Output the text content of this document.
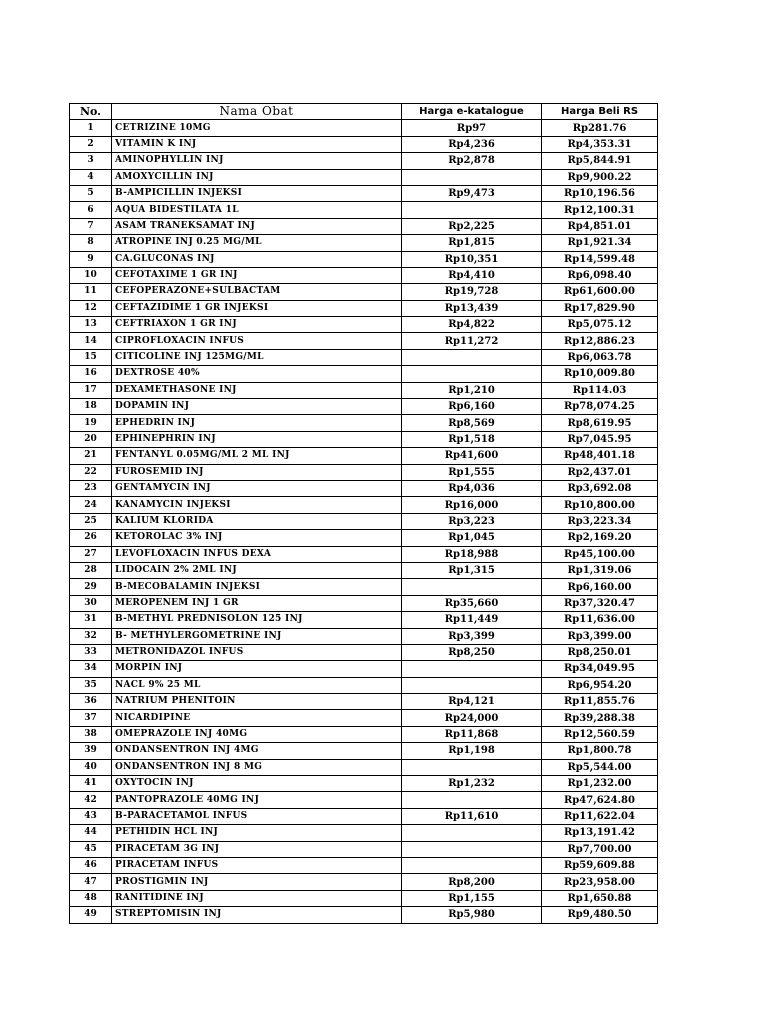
No.	Nama Obat	Harga e-katalogue	Harga Beli RS
1	CETRIZINE 10MG	Rp97	Rp281.76
2	VITAMIN K INJ	Rp4,236	Rp4,353.31
3	AMINOPHYLLIN INJ	Rp2,878	Rp5,844.91
4	AMOXYCILLIN INJ		Rp9,900.22
5	B-AMPICILLIN INJEKSI	Rp9,473	Rp10,196.56
6	AQUA BIDESTILATA 1L		Rp12,100.31
7	ASAM TRANEKSAMAT INJ	Rp2,225	Rp4,851.01
8	ATROPINE INJ 0.25 MG/ML	Rp1,815	Rp1,921.34
9	CA.GLUCONAS INJ	Rp10,351	Rp14,599.48
10	CEFOTAXIME 1 GR INJ	Rp4,410	Rp6,098.40
11	CEFOPERAZONE+SULBACTAM	Rp19,728	Rp61,600.00
12	CEFTAZIDIME 1 GR INJEKSI	Rp13,439	Rp17,829.90
13	CEFTRIAXON 1 GR INJ	Rp4,822	Rp5,075.12
14	CIPROFLOXACIN INFUS	Rp11,272	Rp12,886.23
15	CITICOLINE INJ 125MG/ML		Rp6,063.78
16	DEXTROSE 40%		Rp10,009.80
17	DEXAMETHASONE INJ	Rp1,210	Rp114.03
18	DOPAMIN INJ	Rp6,160	Rp78,074.25
19	EPHEDRIN INJ	Rp8,569	Rp8,619.95
20	EPHINEPHRIN INJ	Rp1,518	Rp7,045.95
21	FENTANYL 0.05MG/ML 2 ML INJ	Rp41,600	Rp48,401.18
22	FUROSEMID INJ	Rp1,555	Rp2,437.01
23	GENTAMYCIN INJ	Rp4,036	Rp3,692.08
24	KANAMYCIN INJEKSI	Rp16,000	Rp10,800.00
25	KALIUM KLORIDA	Rp3,223	Rp3,223.34
26	KETOROLAC 3% INJ	Rp1,045	Rp2,169.20
27	LEVOFLOXACIN INFUS DEXA	Rp18,988	Rp45,100.00
28	LIDOCAIN 2% 2ML INJ	Rp1,315	Rp1,319.06
29	B-MECOBALAMIN INJEKSI		Rp6,160.00
30	MEROPENEM INJ 1 GR	Rp35,660	Rp37,320.47
31	B-METHYL PREDNISOLON 125 INJ	Rp11,449	Rp11,636.00
32	B- METHYLERGOMETRINE INJ	Rp3,399	Rp3,399.00
33	METRONIDAZOL INFUS	Rp8,250	Rp8,250.01
34	MORPIN INJ		Rp34,049.95
35	NACL 9% 25 ML		Rp6,954.20
36	NATRIUM PHENITOIN	Rp4,121	Rp11,855.76
37	NICARDIPINE	Rp24,000	Rp39,288.38
38	OMEPRAZOLE INJ 40MG	Rp11,868	Rp12,560.59
39	ONDANSENTRON INJ 4MG	Rp1,198	Rp1,800.78
40	ONDANSENTRON INJ 8 MG		Rp5,544.00
41	OXYTOCIN INJ	Rp1,232	Rp1,232.00
42	PANTOPRAZOLE 40MG INJ		Rp47,624.80
43	B-PARACETAMOL INFUS	Rp11,610	Rp11,622.04
44	PETHIDIN HCL INJ		Rp13,191.42
45	PIRACETAM 3G INJ		Rp7,700.00
46	PIRACETAM INFUS		Rp59,609.88
47	PROSTIGMIN INJ	Rp8,200	Rp23,958.00
48	RANITIDINE INJ	Rp1,155	Rp1,650.88
49	STREPTOMISIN INJ	Rp5,980	Rp9,480.50
